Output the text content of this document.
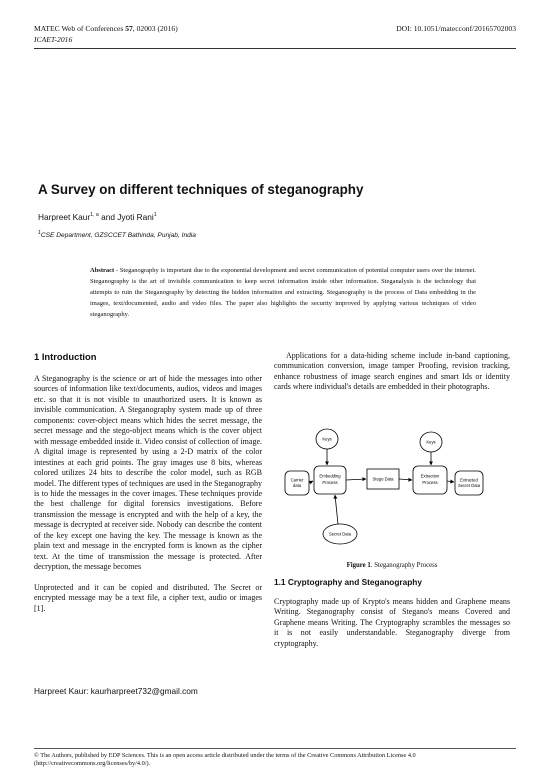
MATEC Web of Conferences 57, 02003 (2016)	DOI: 10.1051/matecconf/20165702003
ICAET-2016
A Survey on different techniques of steganography
Harpreet Kaur$^{1, a}$ and Jyoti Rani$^1$
$^1$CSE Department, GZSCCET Bathinda, Punjab, India
Abstract - Steganography is important due to the exponential development and secret communication of potential computer users over the internet. Steganography is the art of invisible communication to keep secret information inside other information. Steganalysis is the technology that attempts to ruin the Steganography by detecting the hidden information and extracting. Steganography is the process of Data embedding in the images, text/documented, audio and video files. The paper also highlights the security improved by applying various techniques of video steganography.
1 Introduction
A Steganography is the science or art of hide the messages into other sources of information like text/documents, audios, videos and images etc. so that it is not visible to unauthorized users. It is known as invisible communication. A Steganography system made up of three components: cover-object means which hides the secret message, the secret message and the stego-object means which is the cover object with message embedded inside it. Video consist of collection of image. A digital image is represented by using a 2-D matrix of the color intestines at each grid points. The gray images use 8 bits, whereas colored utilizes 24 bits to describe the color model, such as RGB model. The different types of techniques are used in the Steganography is to hide the messages in the cover images. These techniques provide the best challenge for digital forensics investigations. Before transmission the message is encrypted and with the help of a key, the message is decrypted at receiver side. Nobody can describe the content of the key except one having the key. The message is known as the plain text and message in the encrypted form is known as the cipher text. At the time of transmission the message is protected. After decryption, the message becomes
Unprotected and it can be copied and distributed. The Secret or encrypted message may be a text file, a cipher text, audio or images [1].
Applications for a data-hiding scheme include in-band captioning, communication conversion, image tamper Proofing, revision tracking, enhance robustness of image search engines and smart Ids or identity cards where individual's details are embedded in their photographs.
Keys
Keys
Carrier
data
Embedding
Process
Stego Data
Extraction
Process	Extracted
Secret Data
Secret Data
Figure 1. Steganography Process
1.1 Cryptography and Steganography
Cryptography made up of Krypto's means hidden and Graphene means Writing. Steganography consist of Stegano's means Covered and Graphene means Writing. The Cryptography scrambles the messages so it is not easily understandable. Steganography diverge from cryptography.
Harpreet Kaur: kaurharpreet732@gmail.com
© The Authors, published by EDP Sciences. This is an open access article distributed under the terms of the Creative Commons Attribution License 4.0 (http://creativecommons.org/licenses/by/4.0/).
